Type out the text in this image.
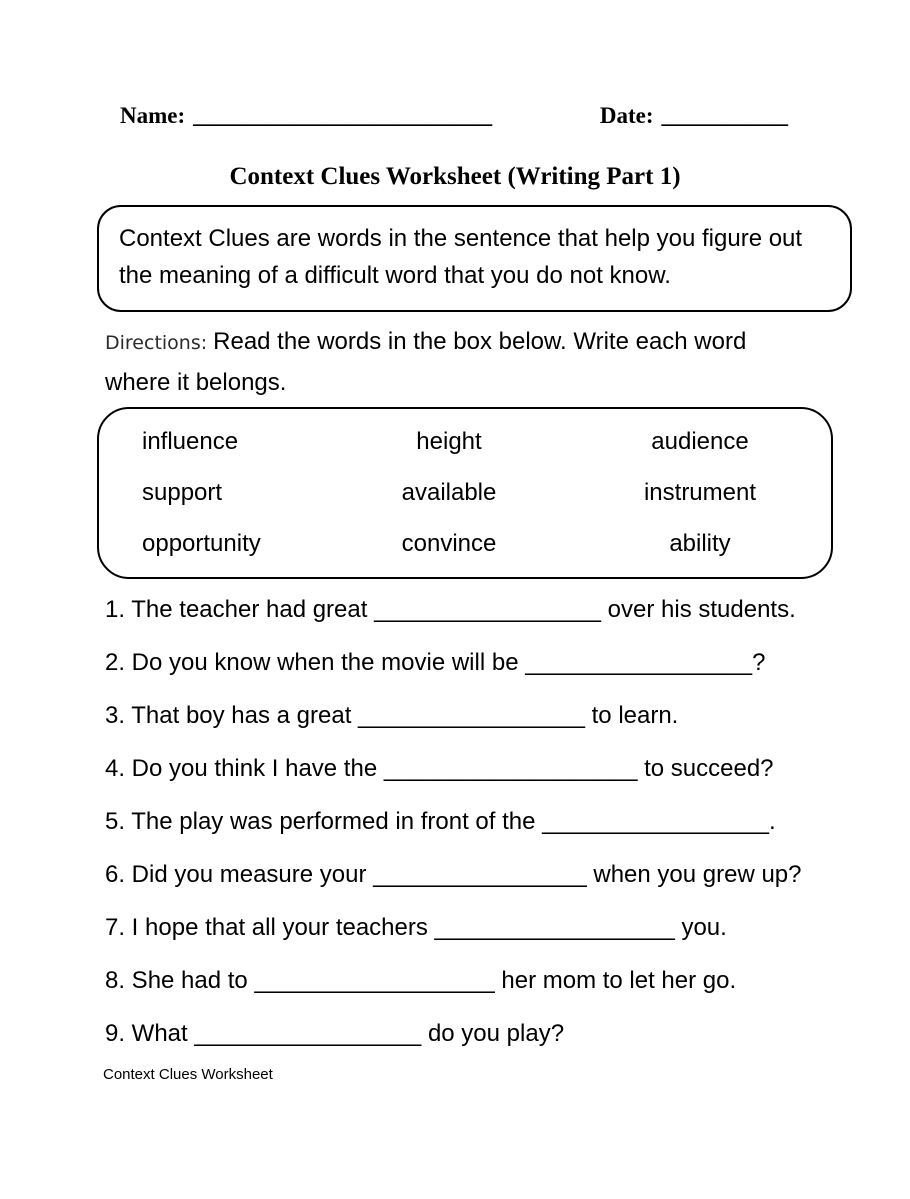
Name: __________________________	Date: ___________
Context Clues Worksheet (Writing Part 1)
Context Clues are words in the sentence that help you figure out the meaning of a difficult word that you do not know.
Directions: Read the words in the box below. Write each word where it belongs.
influence	height	audience
support	available	instrument
opportunity	convince	ability
1. The teacher had great _________________ over his students.
2. Do you know when the movie will be _________________?
3. That boy has a great _________________ to learn.
4. Do you think I have the ___________________ to succeed?
5. The play was performed in front of the _________________.
6. Did you measure your ________________ when you grew up?
7. I hope that all your teachers __________________ you.
8. She had to __________________ her mom to let her go.
9. What _________________ do you play?
Context Clues Worksheet
